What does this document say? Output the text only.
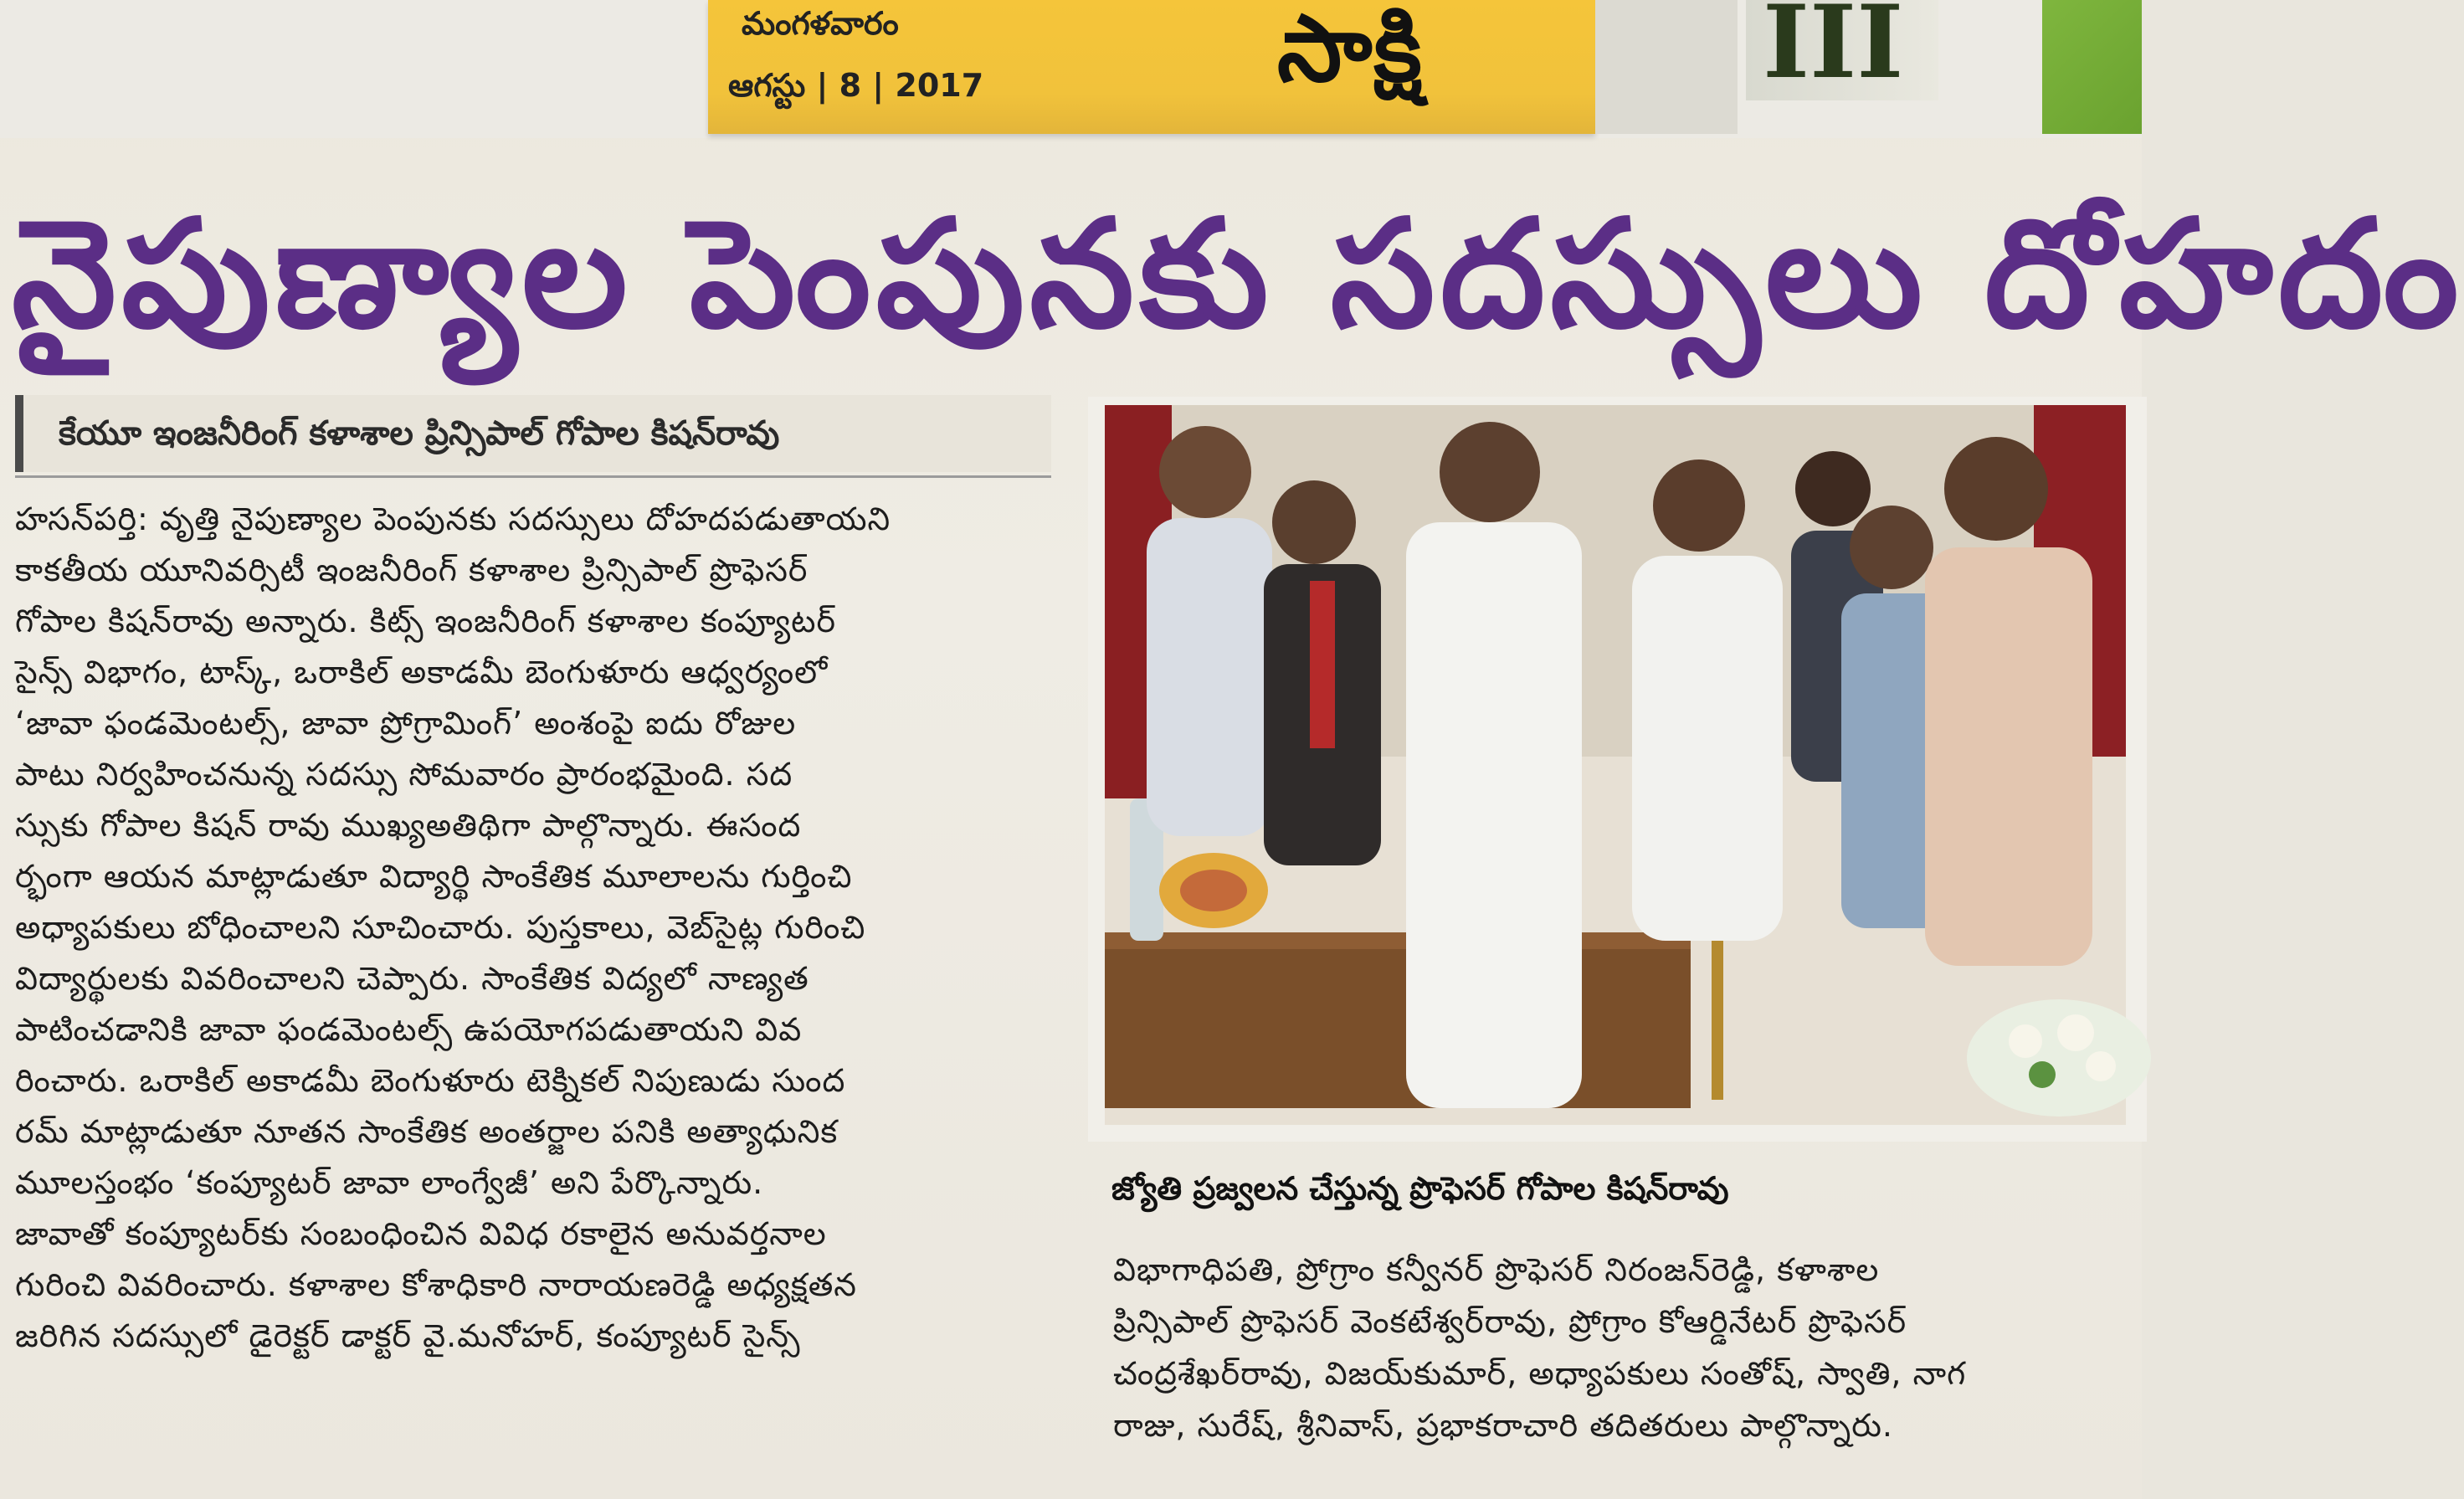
మంగళవారం
ఆగస్టు | 8 | 2017	సాక్షి	III
నైపుణ్యాల పెంపునకు సదస్సులు దోహదం
కేయూ ఇంజనీరింగ్ కళాశాల ప్రిన్సిపాల్ గోపాల కిషన్‌రావు
హసన్‌పర్తి: వృత్తి నైపుణ్యాల పెంపునకు సదస్సులు దోహదపడుతాయని
కాకతీయ యూనివర్సిటీ ఇంజనీరింగ్ కళాశాల ప్రిన్సిపాల్ ప్రొఫెసర్
గోపాల కిషన్‌రావు అన్నారు. కిట్స్ ఇంజనీరింగ్ కళాశాల కంప్యూటర్
సైన్స్ విభాగం, టాస్క్, ఒరాకిల్ అకాడమీ బెంగుళూరు ఆధ్వర్యంలో
‘జావా ఫండమెంటల్స్, జావా ప్రోగ్రామింగ్’ అంశంపై ఐదు రోజుల
పాటు నిర్వహించనున్న సదస్సు సోమవారం ప్రారంభమైంది. సద
స్సుకు గోపాల కిషన్ రావు ముఖ్యఅతిథిగా పాల్గొన్నారు. ఈసంద
ర్భంగా ఆయన మాట్లాడుతూ విద్యార్థి సాంకేతిక మూలాలను గుర్తించి
అధ్యాపకులు బోధించాలని సూచించారు. పుస్తకాలు, వెబ్‌సైట్ల గురించి
విద్యార్థులకు వివరించాలని చెప్పారు. సాంకేతిక విద్యలో నాణ్యత
పాటించడానికి జావా ఫండమెంటల్స్ ఉపయోగపడుతాయని వివ
రించారు. ఒరాకిల్ అకాడమీ బెంగుళూరు టెక్నికల్ నిపుణుడు సుంద
రమ్ మాట్లాడుతూ నూతన సాంకేతిక అంతర్జాల పనికి అత్యాధునిక
మూలస్తంభం ‘కంప్యూటర్ జావా లాంగ్వేజీ’ అని పేర్కొన్నారు.
జావాతో కంప్యూటర్‌కు సంబంధించిన వివిధ రకాలైన అనువర్తనాల
గురించి వివరించారు. కళాశాల కోశాధికారి నారాయణరెడ్డి అధ్యక్షతన
జరిగిన సదస్సులో డైరెక్టర్ డాక్టర్ వై.మనోహర్, కంప్యూటర్ సైన్స్
జ్యోతి ప్రజ్వలన చేస్తున్న ప్రొఫెసర్ గోపాల కిషన్‌రావు
విభాగాధిపతి, ప్రోగ్రాం కన్వీనర్ ప్రొఫెసర్ నిరంజన్‌రెడ్డి, కళాశాల
ప్రిన్సిపాల్ ప్రొఫెసర్ వెంకటేశ్వర్‌రావు, ప్రోగ్రాం కోఆర్డినేటర్ ప్రొఫెసర్
చంద్రశేఖర్‌రావు, విజయ్‌కుమార్, అధ్యాపకులు సంతోష్, స్వాతి, నాగ
రాజు, సురేష్, శ్రీనివాస్, ప్రభాకరాచారి తదితరులు పాల్గొన్నారు.
